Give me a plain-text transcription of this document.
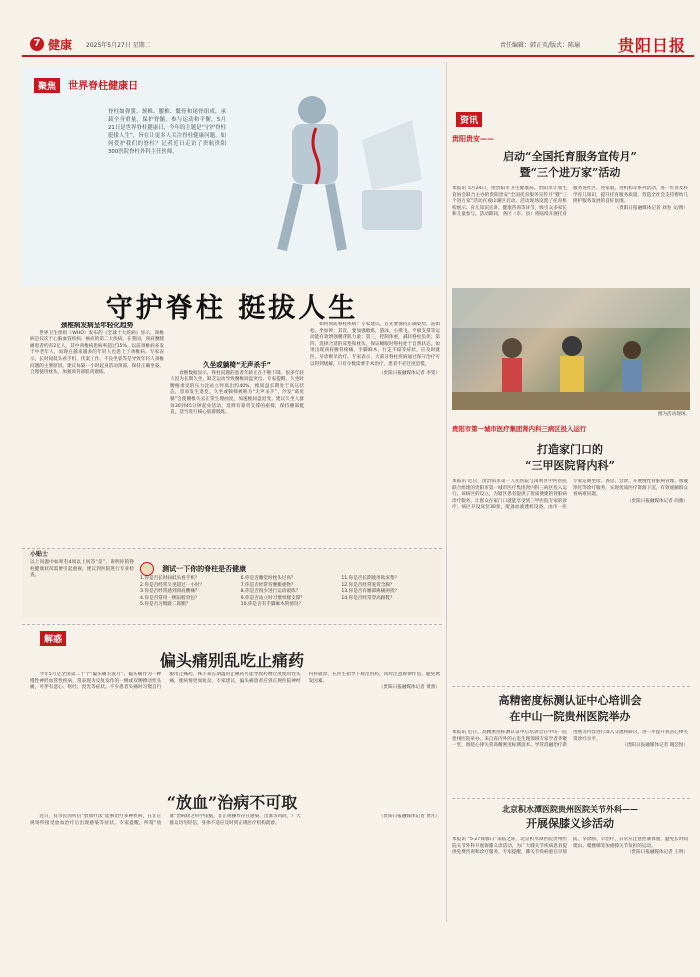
7 健康 2025年5月27日 星期二	责任编辑：韩正英/版式：陈瑜 贵阳日报
聚焦 世界脊柱健康日
脊柱如弹簧、颈椎、腰椎、骶骨和尾骨组成，承载全身重量，保护脊髓，参与运动和平衡。5月21日是世界脊柱健康日，今年的主题是“守护脊柱 挺拔人生”，旨在让更多人关注脊柱健康问题。如何爱护我们的脊柱？记者近日走访了贵航贵阳300医院脊柱外科主任医师。
守护脊柱 挺拔人生
颈椎病发病呈年轻化趋势

世界卫生组织（WHO）发布的《全球十大疾病》显示，颈椎病是仅次于心脑血管疾病、癌症的第二大疾病。在我国，颈肩腰腿痛患者约有2亿人，其中颈椎病患病率超过15%。以前颈椎病多发于中老年人，而现在越来越多的年轻人也患上了颈椎病。专家表示，长时间低头看手机、伏案工作、不良坐姿等是导致年轻人颈椎问题的主要原因。建议每隔一小时起身活动颈部，保持正确坐姿，合理使用枕头，加强颈背部肌肉锻炼。

久坐或躺椅“无声杀手”

诊断数据显示，脊柱问题的患者年龄正在不断下降，很多年轻人因为长期久坐、缺乏运动导致腰椎间盘突出。专家提醒，久坐时腰椎承受的压力比站立时高出约40%，椎间盘长期处于高压状态，容易发生退变。久坐或躺椅被称为“无声杀手”，沙发“葛优躺”会使腰椎失去正常生理曲度，加速椎间盘退变。建议久坐人群每30到45分钟起身活动，选择有靠背支撑的座椅，保持腰部挺直，适当进行核心肌群锻炼。

如何预防脊柱疾病？专家建议，首先要保持正确姿势，站如松、坐如钟；其次，要加强锻炼，游泳、小燕飞、平板支撑等运动能有效增强腰背肌力量；第三，控制体重，减轻脊柱负担；第四，选择合适的床垫和枕头，保证睡眠时脊柱处于自然状态。如果出现颈肩腰背疼痛、手脚麻木、行走不稳等症状，应及时就医，早诊断早治疗。专家表示，大部分脊柱疾病通过保守治疗可以得到缓解，只有少数需要手术治疗，患者不必过度恐慌。

（贵阳日报融媒体记者 李雯）
小贴士
以上问题中如果有4项以上回答“是”，说明你的脊柱健康状况需要引起重视，建议到医院进行专业检查。
测试一下你的脊柱是否健康
1.你是否长时间低头看手机？
2.你是否经常久坐超过一小时？
3.你是否经常感到颈肩酸痛？
4.你是否常用一侧肩膀背包？
5.你是否习惯跷二郎腿？
6.你是否睡觉时枕头过高？
7.你是否经常弯腰搬重物？
8.你是否很少进行运动锻炼？
9.你是否站立时习惯单腿支撑？
10.你是否有手脚麻木的情况？
11.你是否长期使用软床垫？
12.你是否经常驼背含胸？
13.你是否有腰部疼痛困扰？
14.你是否经常穿高跟鞋？
解惑
偏头痛别乱吃止痛药

今年5月是全国第二十个“偏头痛关爱月”。偏头痛作为一种慢性神经血管性疾病，常表现为反复发作的一侧或双侧搏动性头痛，可伴有恶心、呕吐、畏光等症状。不少患者头痛时习惯自行服用止痛药，殊不知长期滥用止痛药可能导致药物过度使用性头痛，使病情更加复杂。专家建议，偏头痛患者应到正规医院神经内科就诊，在医生指导下规范用药，同时注意规律作息、避免诱发因素。

（贵阳日报融媒体记者 黄蕾）
“放血”治病不可取

近日，有市民因听信“放血疗法”能够治疗多种疾病，在非正规场所接受放血治疗后出现感染等症状。专家提醒，所谓“放血”治病缺乏科学依据，非正规操作存在感染、出血等风险，广大群众切勿轻信，身体不适应及时到正规医疗机构就诊。

（贵阳日报融媒体记者 贾凡）
资讯
贵阳贵安——
启动“全国托育服务宣传月”
暨“三个进万家”活动

本报讯 5月24日，由贵阳市卫生健康局、贵阳市计划生育协会联合主办的贵阳贵安“全国托育服务宣传月”暨“三个进万家”活动在观山湖区启动。活动现场设置了托育机构展示、育儿知识宣讲、健康咨询等环节，吸引众多家长和儿童参与。活动期间，各区（市、县）将陆续开展托育服务进社区、进家庭、进机构等系列活动，进一步普及科学育儿知识，提升托育服务质量，营造全社会支持婴幼儿照护服务发展的良好氛围。

（贵阳日报融媒体记者 刘卷 文/图）
图为活动现场。
贵阳市第一城市医疗集团肾内科三病区投入运行
打造家门口的
“三甲医院肾内科”

本报讯 近日，由贵阳市第一人民医院与南明区中医医院联合组建的贵阳市第一城市医疗集团肾内科三病区投入运行。该病区的设立，为辖区患者提供了优质便捷的肾脏病诊疗服务，让群众在家门口就能享受到三甲医院专家的诊疗。病区开设床位30张，配备血液透析设备，由市一医专家定期坐诊、查房、会诊，开展慢性肾脏病管理、血液净化等诊疗服务，实现优质医疗资源下沉，有效缓解群众看病难问题。

（贵阳日报融媒体记者 尚雅）
高精密度标测认证中心培训会
在中山一院贵州医院举办

本报讯 近日，高精密度标测认证中心培训会在中山一院贵州医院举办。来自省内外的心电生理领域专家学者齐聚一堂，围绕心律失常高精密度标测技术、导管消融治疗新进展等内容进行深入交流和研讨，进一步提升我省心律失常诊疗水平。

（贵阳日报融媒体记者 谢芸悦）
北京积水潭医院贵州医院关节外科——
开展保膝义诊活动

本报讯 “5·27保膝日”来临之际，北京积水潭医院贵州医院关节外科开展保膝义诊活动，为广大膝关节疾病患者提供免费咨询和诊疗服务。专家提醒，膝关节疾病重在早预防、早诊断、早治疗，日常应注意控制体重，避免长时间爬山、爬楼梯等加重膝关节负担的运动。

（贵阳日报融媒体记者 王明）
